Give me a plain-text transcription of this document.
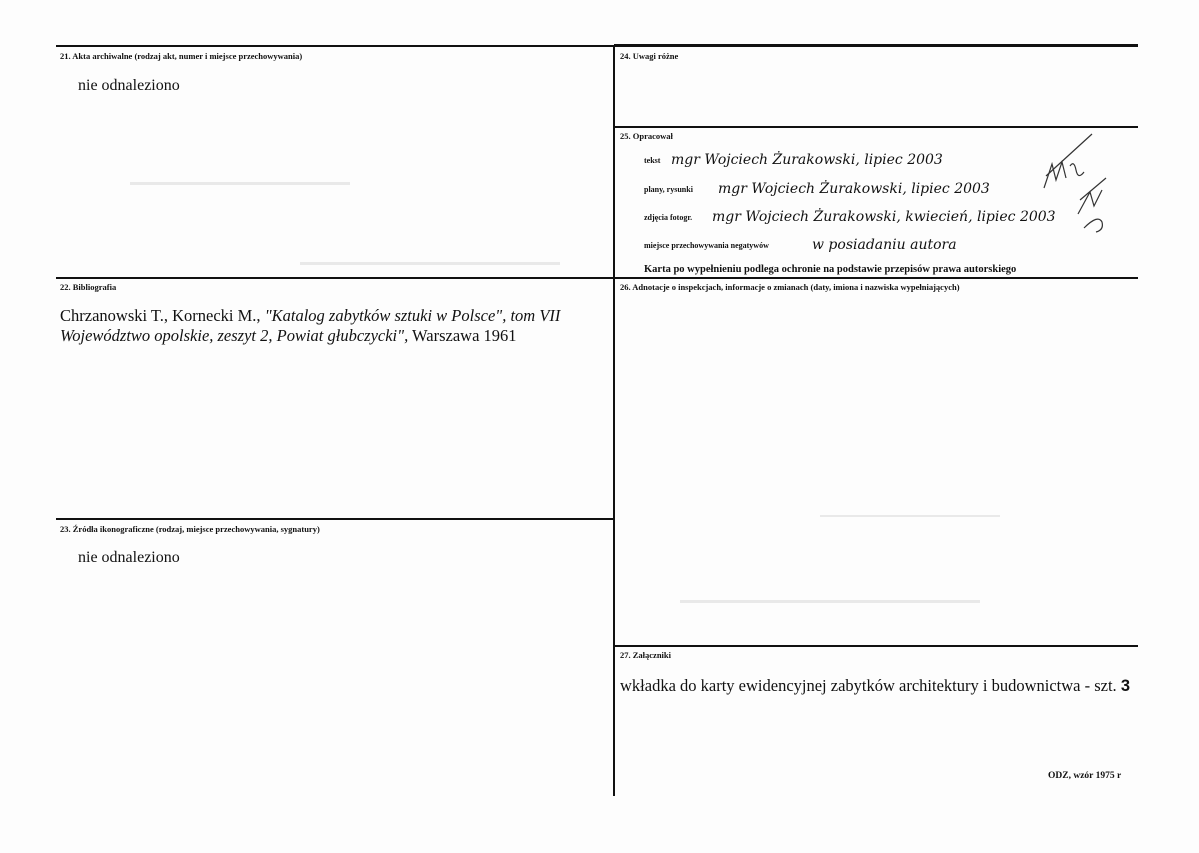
21. Akta archiwalne (rodzaj akt, numer i miejsce przechowywania)
nie odnaleziono
22. Bibliografia
Chrzanowski T., Kornecki M., "Katalog zabytków sztuki w Polsce", tom VII
Województwo opolskie, zeszyt 2, Powiat głubczycki", Warszawa 1961
23. Źródła ikonograficzne (rodzaj, miejsce przechowywania, sygnatury)
nie odnaleziono
24. Uwagi różne
25. Opracował
tekst mgr Wojciech Żurakowski, lipiec 2003
plany, rysunki mgr Wojciech Żurakowski, lipiec 2003
zdjęcia fotogr. mgr Wojciech Żurakowski, kwiecień, lipiec 2003
miejsce przechowywania negatywów	w posiadaniu autora
Karta po wypełnieniu podlega ochronie na podstawie przepisów prawa autorskiego
26. Adnotacje o inspekcjach, informacje o zmianach (daty, imiona i nazwiska wypełniających)
27. Załączniki
wkładka do karty ewidencyjnej zabytków architektury i budownictwa - szt. 3
ODZ, wzór 1975 r
